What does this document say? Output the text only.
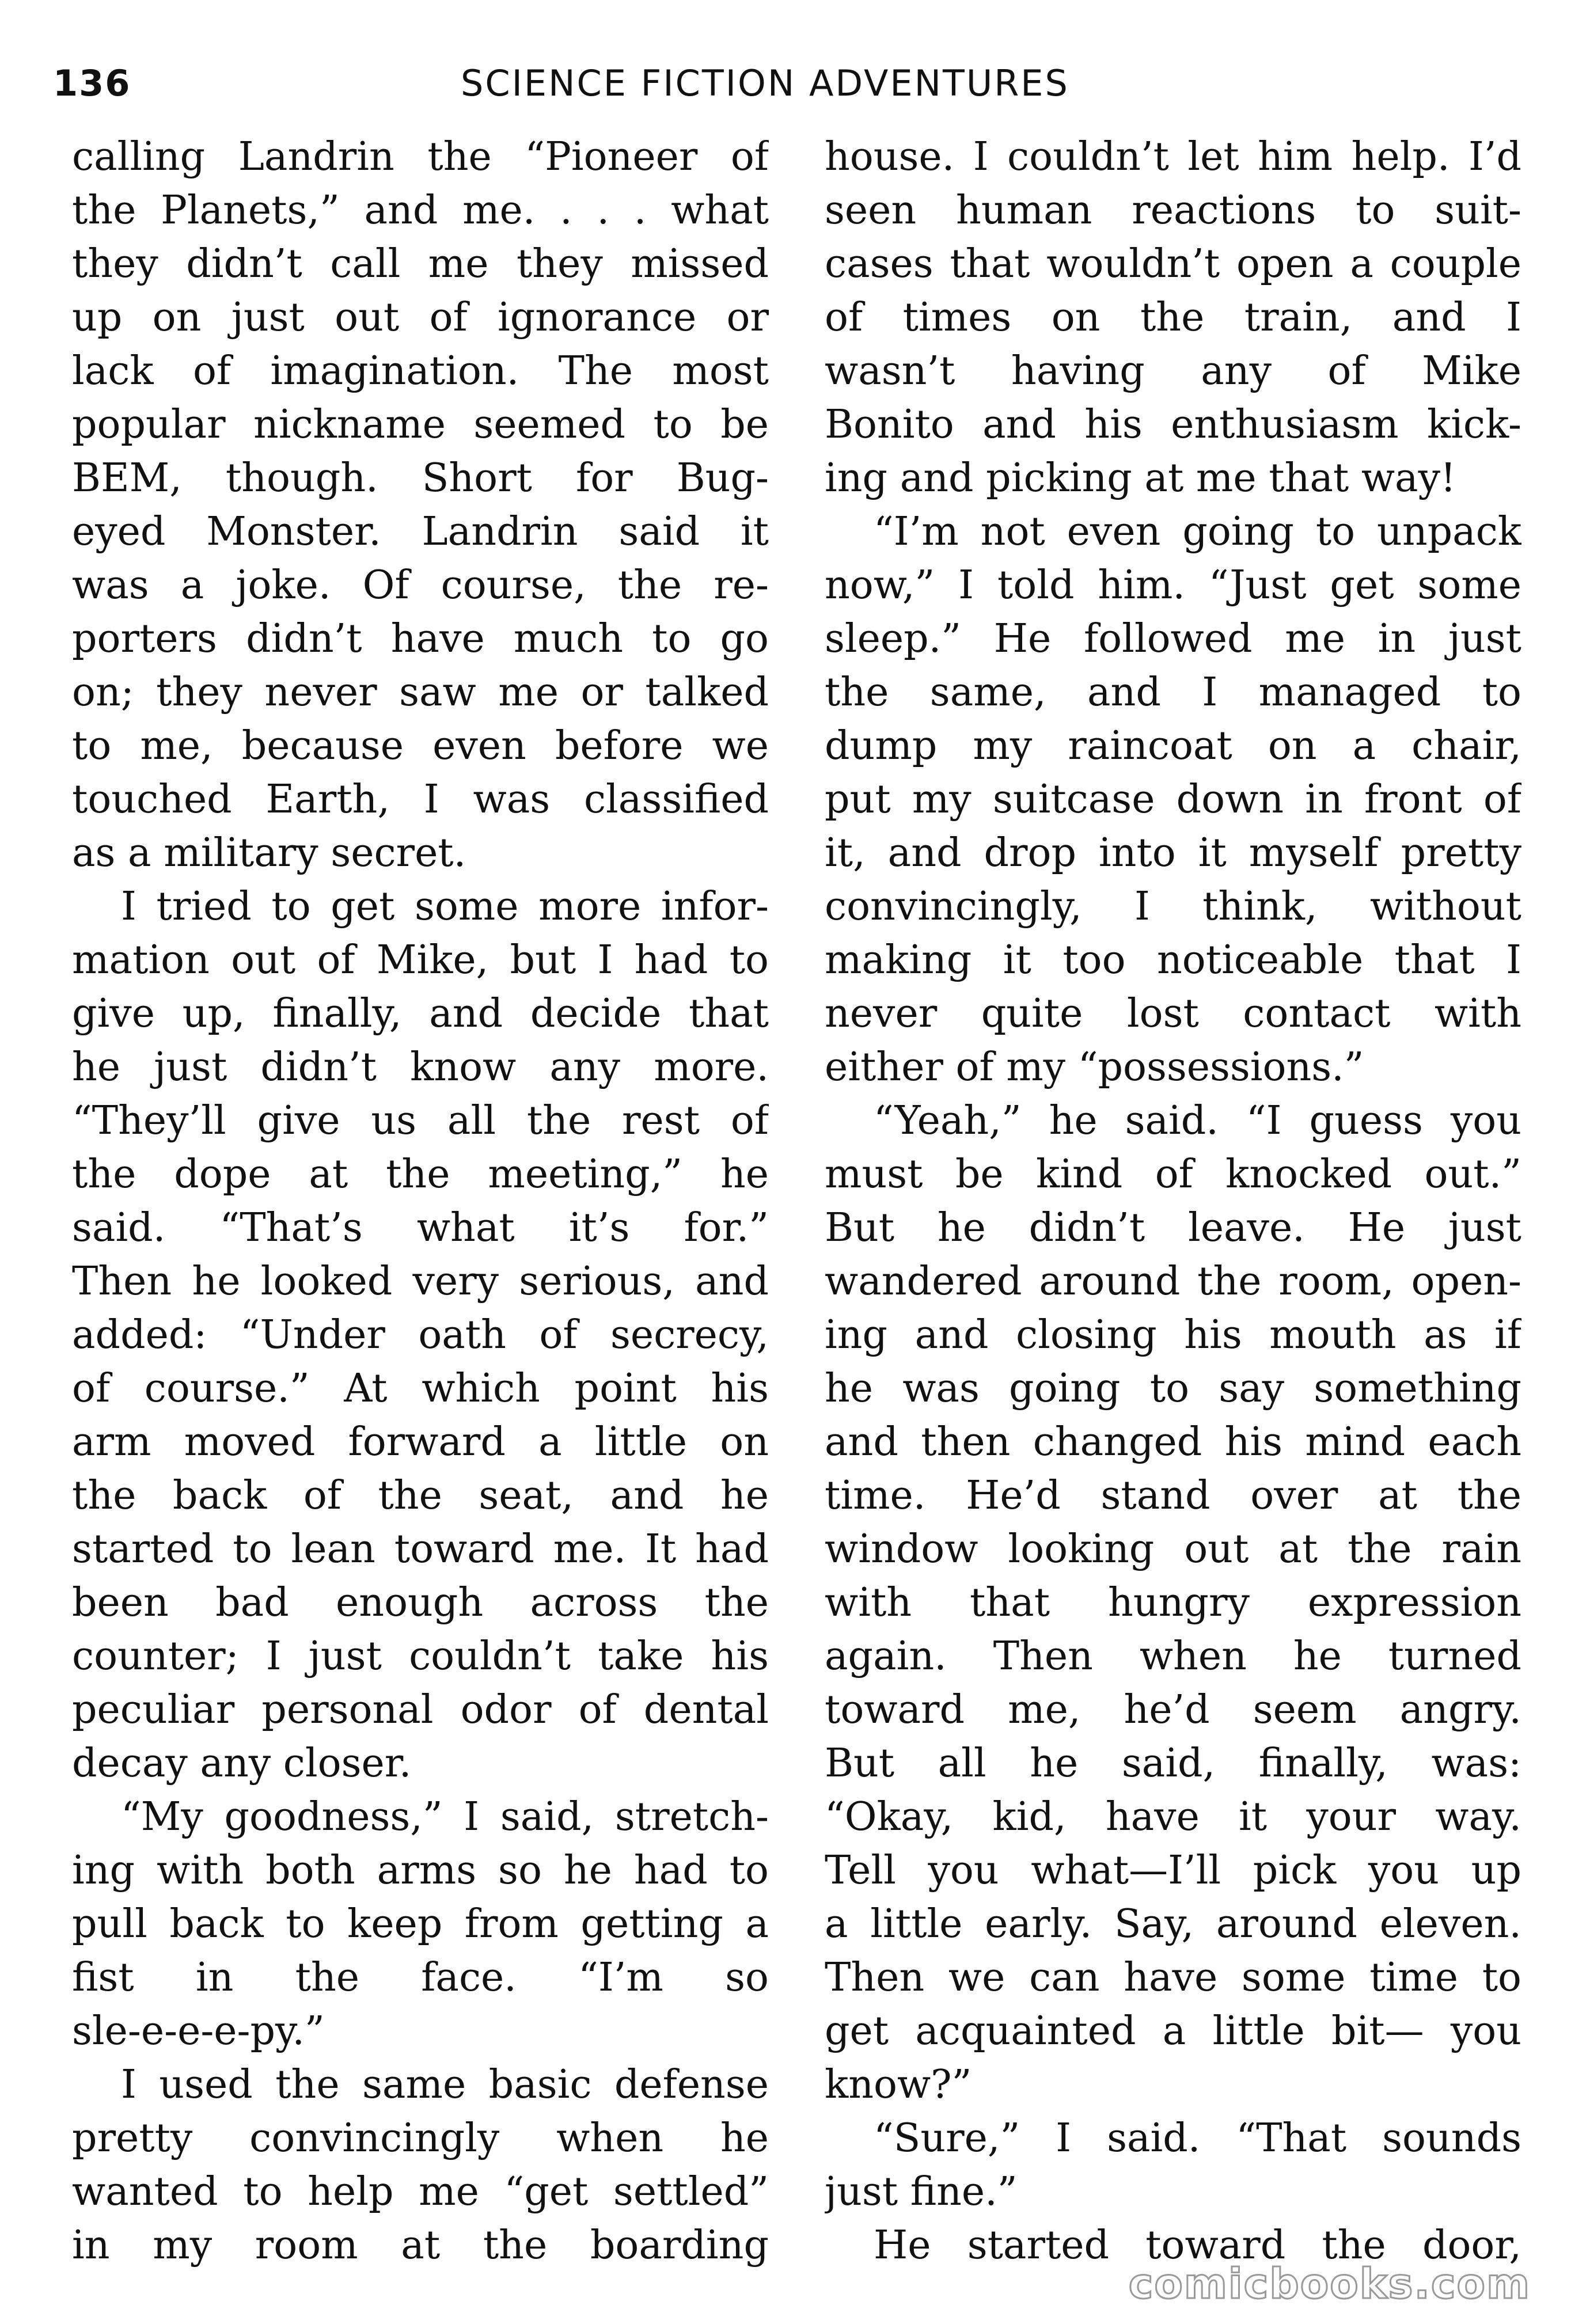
136	SCIENCE FICTION ADVENTURES
calling Landrin the “Pioneer of
the Planets,” and me. . . . what
they didn’t call me they missed
up on just out of ignorance or
lack of imagination. The most
popular nickname seemed to be
BEM, though. Short for Bug-
eyed Monster. Landrin said it
was a joke. Of course, the re-
porters didn’t have much to go
on; they never saw me or talked
to me, because even before we
touched Earth, I was classified
as a military secret.
I tried to get some more infor-
mation out of Mike, but I had to
give up, finally, and decide that
he just didn’t know any more.
“They’ll give us all the rest of
the dope at the meeting,” he
said. “That’s what it’s for.”
Then he looked very serious, and
added: “Under oath of secrecy,
of course.” At which point his
arm moved forward a little on
the back of the seat, and he
started to lean toward me. It had
been bad enough across the
counter; I just couldn’t take his
peculiar personal odor of dental
decay any closer.
“My goodness,” I said, stretch-
ing with both arms so he had to
pull back to keep from getting a
fist in the face. “I’m so
sle-e-e-e-py.”
I used the same basic defense
pretty convincingly when he
wanted to help me “get settled”
in my room at the boarding
house. I couldn’t let him help. I’d
seen human reactions to suit-
cases that wouldn’t open a couple
of times on the train, and I
wasn’t having any of Mike
Bonito and his enthusiasm kick-
ing and picking at me that way!
“I’m not even going to unpack
now,” I told him. “Just get some
sleep.” He followed me in just
the same, and I managed to
dump my raincoat on a chair,
put my suitcase down in front of
it, and drop into it myself pretty
convincingly, I think, without
making it too noticeable that I
never quite lost contact with
either of my “possessions.”
“Yeah,” he said. “I guess you
must be kind of knocked out.”
But he didn’t leave. He just
wandered around the room, open-
ing and closing his mouth as if
he was going to say something
and then changed his mind each
time. He’d stand over at the
window looking out at the rain
with that hungry expression
again. Then when he turned
toward me, he’d seem angry.
But all he said, finally, was:
“Okay, kid, have it your way.
Tell you what—I’ll pick you up
a little early. Say, around eleven.
Then we can have some time to
get acquainted a little bit— you
know?”
“Sure,” I said. “That sounds
just fine.”
He started toward the door,
comicbooks.com
